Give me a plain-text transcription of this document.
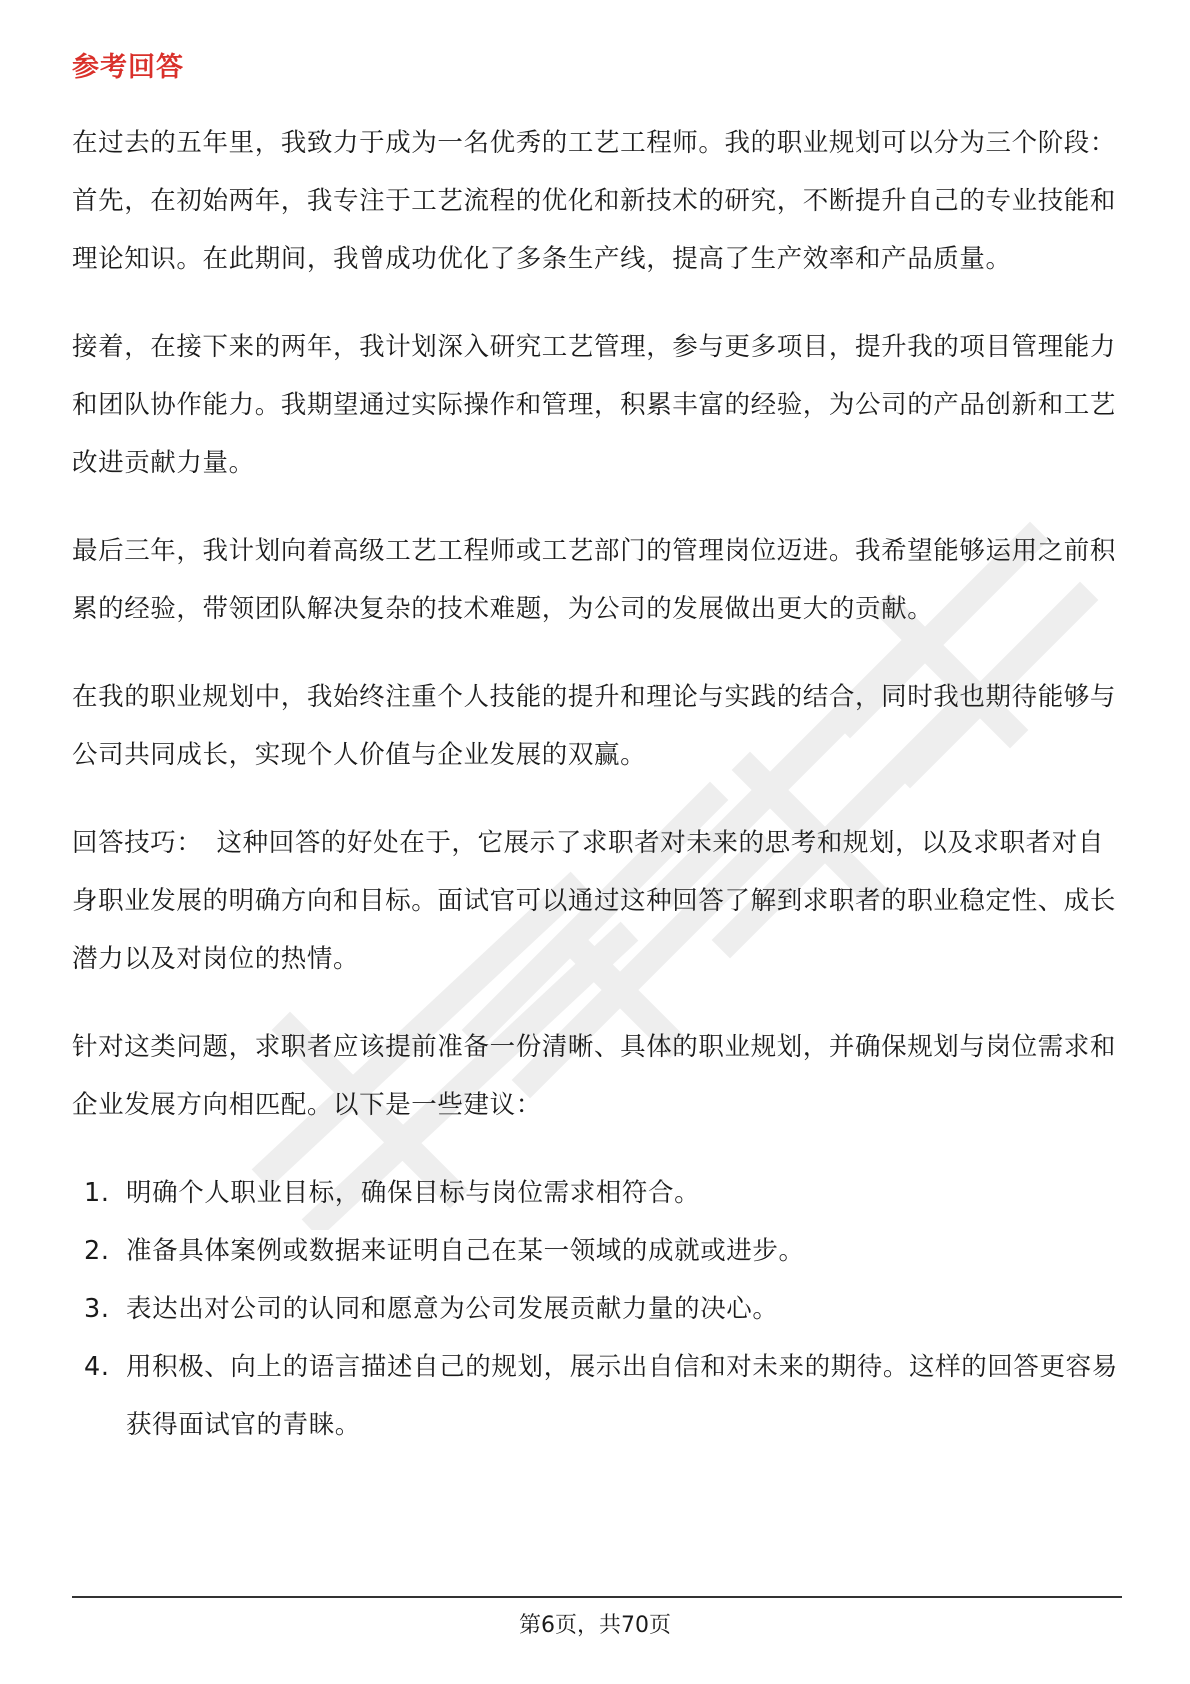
参考回答

在过去的五年里，我致力于成为一名优秀的工艺工程师。我的职业规划可以分为三个阶段：首先，在初始两年，我专注于工艺流程的优化和新技术的研究，不断提升自己的专业技能和理论知识。在此期间，我曾成功优化了多条生产线，提高了生产效率和产品质量。

接着，在接下来的两年，我计划深入研究工艺管理，参与更多项目，提升我的项目管理能力和团队协作能力。我期望通过实际操作和管理，积累丰富的经验，为公司的产品创新和工艺改进贡献力量。

最后三年，我计划向着高级工艺工程师或工艺部门的管理岗位迈进。我希望能够运用之前积累的经验，带领团队解决复杂的技术难题，为公司的发展做出更大的贡献。

在我的职业规划中，我始终注重个人技能的提升和理论与实践的结合，同时我也期待能够与公司共同成长，实现个人价值与企业发展的双赢。

回答技巧： 这种回答的好处在于，它展示了求职者对未来的思考和规划，以及求职者对自身职业发展的明确方向和目标。面试官可以通过这种回答了解到求职者的职业稳定性、成长潜力以及对岗位的热情。

针对这类问题，求职者应该提前准备一份清晰、具体的职业规划，并确保规划与岗位需求和企业发展方向相匹配。以下是一些建议：

1. 明确个人职业目标，确保目标与岗位需求相符合。
2. 准备具体案例或数据来证明自己在某一领域的成就或进步。
3. 表达出对公司的认同和愿意为公司发展贡献力量的决心。
4. 用积极、向上的语言描述自己的规划，展示出自信和对未来的期待。这样的回答更容易获得面试官的青睐。
第6页，共70页
